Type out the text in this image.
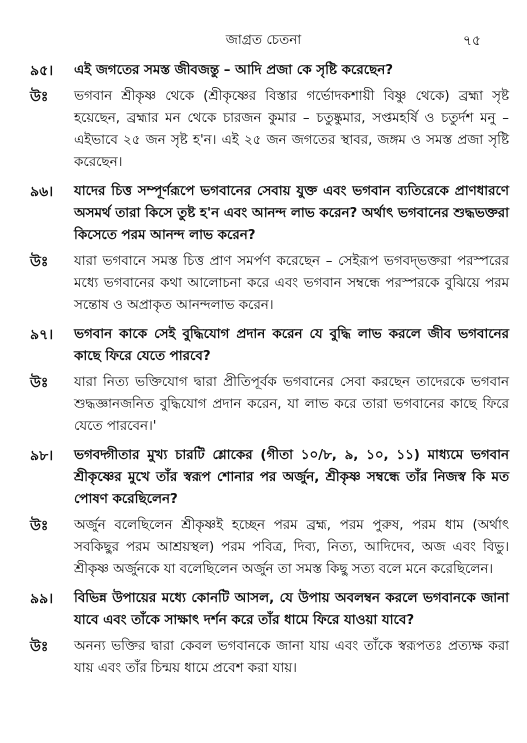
জাগ্রত চেতনা	৭৫
৯৫।	এই জগতের সমস্ত জীবজন্তু – আদি প্রজা কে সৃষ্টি করেছেন?
উঃ	ভগবান শ্রীকৃষ্ণ থেকে (শ্রীকৃষ্ণের বিস্তার গর্ভোদকশায়ী বিষ্ণু থেকে) ব্রহ্মা সৃষ্ট হয়েছেন, ব্রহ্মার মন থেকে চারজন কুমার – চতুষ্কুমার, সপ্তমহর্ষি ও চতুর্দশ মনু – এইভাবে ২৫ জন সৃষ্ট হ'ন। এই ২৫ জন জগতের স্থাবর, জঙ্গম ও সমস্ত প্রজা সৃষ্টি করেছেন।
৯৬।	যাদের চিত্ত সম্পূর্ণরূপে ভগবানের সেবায় যুক্ত এবং ভগবান ব্যতিরেকে প্রাণধারণে অসমর্থ তারা কিসে তুষ্ট হ'ন এবং আনন্দ লাভ করেন? অর্থাৎ ভগবানের শুদ্ধভক্তরা কিসেতে পরম আনন্দ লাভ করেন?
উঃ	যারা ভগবানে সমস্ত চিত্ত প্রাণ সমর্পণ করেছেন – সেইরূপ ভগবদ্‌ভক্তরা পরস্পরের মধ্যে ভগবানের কথা আলোচনা করে এবং ভগবান সম্বন্ধে পরস্পরকে বুঝিয়ে পরম সন্তোষ ও অপ্রাকৃত আনন্দলাভ করেন।
৯৭।	ভগবান কাকে সেই বুদ্ধিযোগ প্রদান করেন যে বুদ্ধি লাভ করলে জীব ভগবানের কাছে ফিরে যেতে পারবে?
উঃ	যারা নিত্য ভক্তিযোগ দ্বারা প্রীতিপূর্বক ভগবানের সেবা করছেন তাদেরকে ভগবান শুদ্ধজ্ঞানজনিত বুদ্ধিযোগ প্রদান করেন, যা লাভ করে তারা ভগবানের কাছে ফিরে যেতে পারবেন।'
৯৮।	ভগবদ্গীতার মুখ্য চারটি শ্লোকের (গীতা ১০/৮, ৯, ১০, ১১) মাধ্যমে ভগবান শ্রীকৃষ্ণের মুখে তাঁর স্বরূপ শোনার পর অর্জুন, শ্রীকৃষ্ণ সম্বন্ধে তাঁর নিজস্ব কি মত পোষণ করেছিলেন?
উঃ	অর্জুন বলেছিলেন শ্রীকৃষ্ণই হচ্ছেন পরম ব্রহ্ম, পরম পুরুষ, পরম ধাম (অর্থাৎ সবকিছুর পরম আশ্রয়স্থল) পরম পবিত্র, দিব্য, নিত্য, আদিদেব, অজ এবং বিভু। শ্রীকৃষ্ণ অর্জুনকে যা বলেছিলেন অর্জুন তা সমস্ত কিছু সত্য বলে মনে করেছিলেন।
৯৯।	বিভিন্ন উপায়ের মধ্যে কোনটি আসল, যে উপায় অবলম্বন করলে ভগবানকে জানা যাবে এবং তাঁকে সাক্ষাৎ দর্শন করে তাঁর ধামে ফিরে যাওয়া যাবে?
উঃ	অনন্য ভক্তির দ্বারা কেবল ভগবানকে জানা যায় এবং তাঁকে স্বরূপতঃ প্রত্যক্ষ করা যায় এবং তাঁর চিন্ময় ধামে প্রবেশ করা যায়।
